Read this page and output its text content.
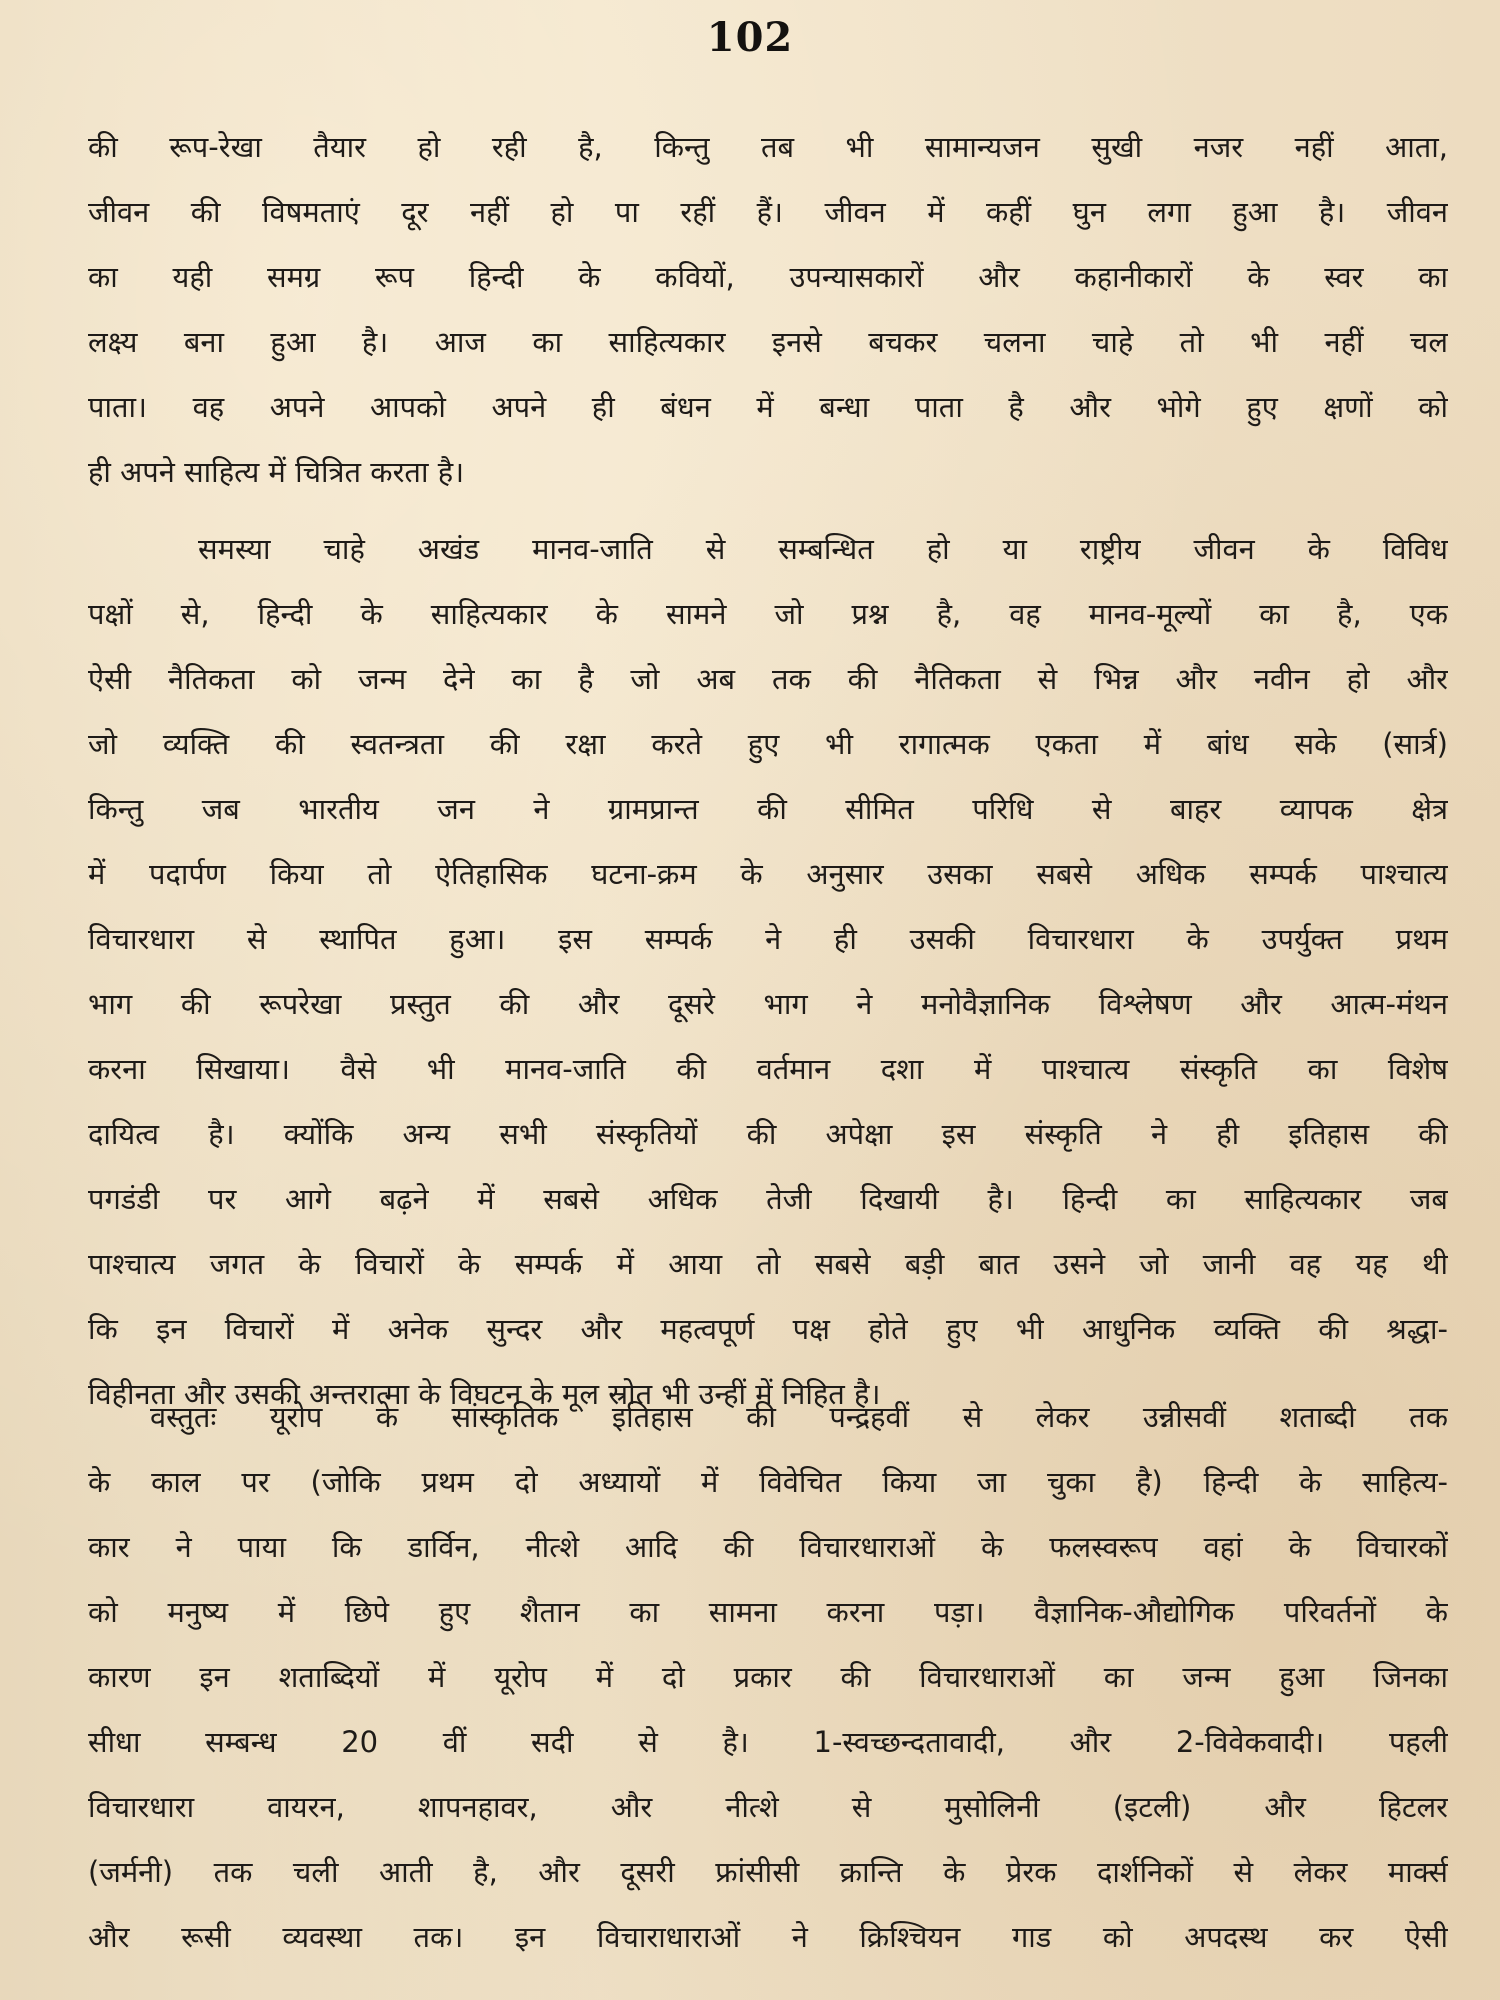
102
की रूप-रेखा तैयार हो रही है, किन्तु तब भी सामान्यजन सुखी नजर नहीं आता,
जीवन की विषमताएं दूर नहीं हो पा रहीं हैं। जीवन में कहीं घुन लगा हुआ है। जीवन
का यही समग्र रूप हिन्दी के कवियों, उपन्यासकारों और कहानीकारों के स्वर का
लक्ष्य बना हुआ है। आज का साहित्यकार इनसे बचकर चलना चाहे तो भी नहीं चल
पाता। वह अपने आपको अपने ही बंधन में बन्धा पाता है और भोगे हुए क्षणों को
ही अपने साहित्य में चित्रित करता है।
समस्या चाहे अखंड मानव-जाति से सम्बन्धित हो या राष्ट्रीय जीवन के विविध
पक्षों से, हिन्दी के साहित्यकार के सामने जो प्रश्न है, वह मानव-मूल्यों का है, एक
ऐसी नैतिकता को जन्म देने का है जो अब तक की नैतिकता से भिन्न और नवीन हो और
जो व्यक्ति की स्वतन्त्रता की रक्षा करते हुए भी रागात्मक एकता में बांध सके (सार्त्र)
किन्तु जब भारतीय जन ने ग्रामप्रान्त की सीमित परिधि से बाहर व्यापक क्षेत्र
में पदार्पण किया तो ऐतिहासिक घटना-क्रम के अनुसार उसका सबसे अधिक सम्पर्क पाश्चात्य
विचारधारा से स्थापित हुआ। इस सम्पर्क ने ही उसकी विचारधारा के उपर्युक्त प्रथम
भाग की रूपरेखा प्रस्तुत की और दूसरे भाग ने मनोवैज्ञानिक विश्लेषण और आत्म-मंथन
करना सिखाया। वैसे भी मानव-जाति की वर्तमान दशा में पाश्चात्य संस्कृति का विशेष
दायित्व है। क्योंकि अन्य सभी संस्कृतियों की अपेक्षा इस संस्कृति ने ही इतिहास की
पगडंडी पर आगे बढ़ने में सबसे अधिक तेजी दिखायी है। हिन्दी का साहित्यकार जब
पाश्चात्य जगत के विचारों के सम्पर्क में आया तो सबसे बड़ी बात उसने जो जानी वह यह थी
कि इन विचारों में अनेक सुन्दर और महत्वपूर्ण पक्ष होते हुए भी आधुनिक व्यक्ति की श्रद्धा-
विहीनता और उसकी अन्तरात्मा के विघटन के मूल स्रोत भी उन्हीं में निहित है।
वस्तुतः यूरोप के सांस्कृतिक इतिहास की पन्द्रहवीं से लेकर उन्नीसवीं शताब्दी तक
के काल पर (जोकि प्रथम दो अध्यायों में विवेचित किया जा चुका है) हिन्दी के साहित्य-
कार ने पाया कि डार्विन, नीत्शे आदि की विचारधाराओं के फलस्वरूप वहां के विचारकों
को मनुष्य में छिपे हुए शैतान का सामना करना पड़ा। वैज्ञानिक-औद्योगिक परिवर्तनों के
कारण इन शताब्दियों में यूरोप में दो प्रकार की विचारधाराओं का जन्म हुआ जिनका
सीधा सम्बन्ध 20 वीं सदी से है। 1-स्वच्छन्दतावादी, और 2-विवेकवादी। पहली
विचारधारा वायरन, शापनहावर, और नीत्शे से मुसोलिनी (इटली) और हिटलर
(जर्मनी) तक चली आती है, और दूसरी फ्रांसीसी क्रान्ति के प्रेरक दार्शनिकों से लेकर मार्क्स
और रूसी व्यवस्था तक। इन विचाराधाराओं ने क्रिश्चियन गाड को अपदस्थ कर ऐसी
